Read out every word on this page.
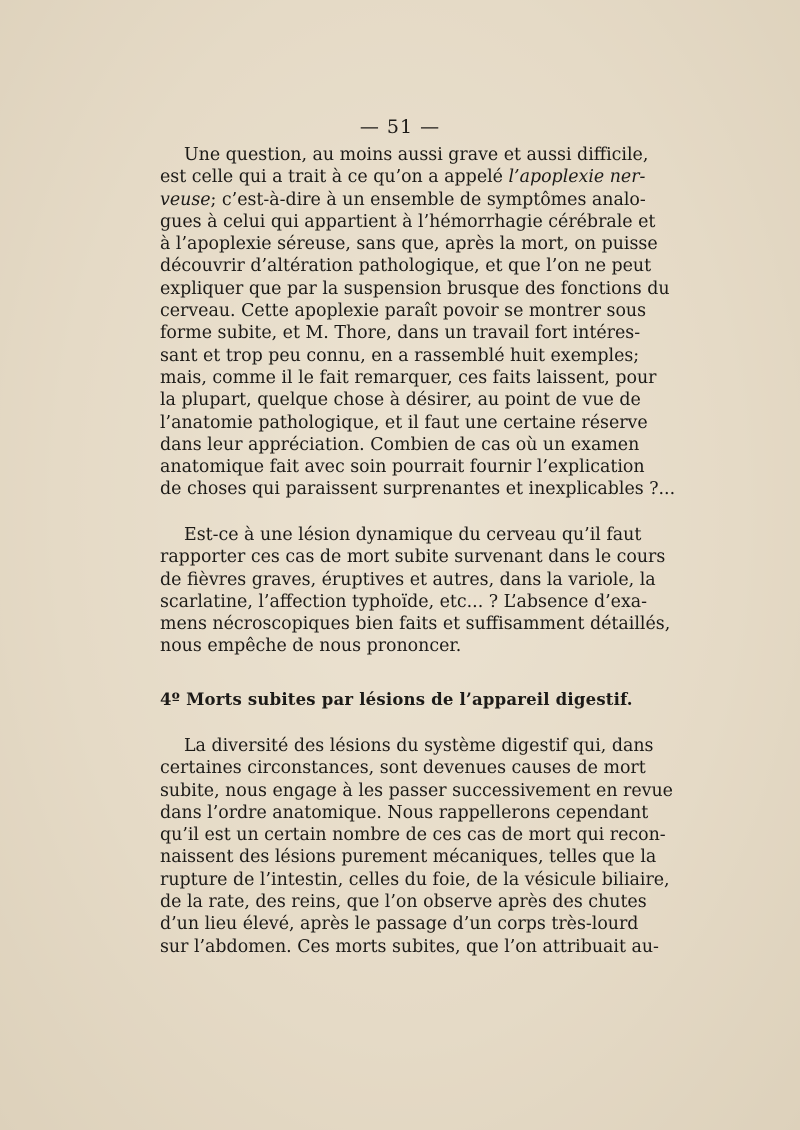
— 51 —
Une question, au moins aussi grave et aussi difficile,
est celle qui a trait à ce qu’on a appelé l’apoplexie ner-
veuse; c’est-à-dire à un ensemble de symptômes analo-
gues à celui qui appartient à l’hémorrhagie cérébrale et
à l’apoplexie séreuse, sans que, après la mort, on puisse
découvrir d’altération pathologique, et que l’on ne peut
expliquer que par la suspension brusque des fonctions du
cerveau. Cette apoplexie paraît povoir se montrer sous
forme subite, et M. Thore, dans un travail fort intéres-
sant et trop peu connu, en a rassemblé huit exemples;
mais, comme il le fait remarquer, ces faits laissent, pour
la plupart, quelque chose à désirer, au point de vue de
l’anatomie pathologique, et il faut une certaine réserve
dans leur appréciation. Combien de cas où un examen
anatomique fait avec soin pourrait fournir l’explication
de choses qui paraissent surprenantes et inexplicables ?...
Est-ce à une lésion dynamique du cerveau qu’il faut
rapporter ces cas de mort subite survenant dans le cours
de fièvres graves, éruptives et autres, dans la variole, la
scarlatine, l’affection typhoïde, etc... ? L’absence d’exa-
mens nécroscopiques bien faits et suffisamment détaillés,
nous empêche de nous prononcer.
4º Morts subites par lésions de l’appareil digestif.
La diversité des lésions du système digestif qui, dans
certaines circonstances, sont devenues causes de mort
subite, nous engage à les passer successivement en revue
dans l’ordre anatomique. Nous rappellerons cependant
qu’il est un certain nombre de ces cas de mort qui recon-
naissent des lésions purement mécaniques, telles que la
rupture de l’intestin, celles du foie, de la vésicule biliaire,
de la rate, des reins, que l’on observe après des chutes
d’un lieu élevé, après le passage d’un corps très-lourd
sur l’abdomen. Ces morts subites, que l’on attribuait au-
